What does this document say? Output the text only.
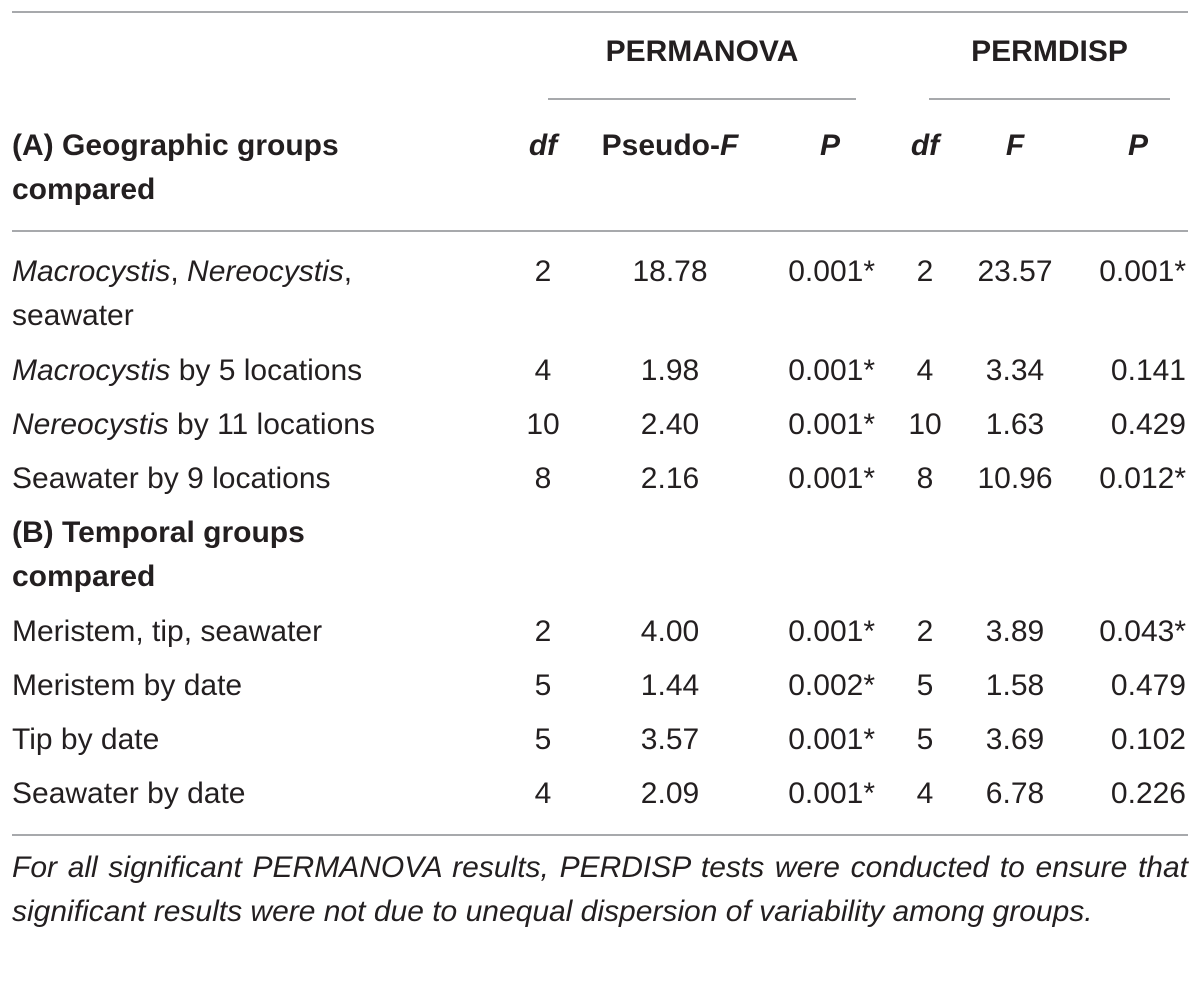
PERMANOVA	PERMDISP
(A) Geographic groups
compared
df	Pseudo-F	P	df	F	P
Macrocystis, Nereocystis,
seawater
2	18.78	0.001*	2	23.57	0.001*
Macrocystis by 5 locations	4	1.98	0.001*	4	3.34	0.141
Nereocystis by 11 locations	10	2.40	0.001*	10	1.63	0.429
Seawater by 9 locations	8	2.16	0.001*	8	10.96	0.012*
(B) Temporal groups
compared
Meristem, tip, seawater	2	4.00	0.001*	2	3.89	0.043*
Meristem by date	5	1.44	0.002*	5	1.58	0.479
Tip by date	5	3.57	0.001*	5	3.69	0.102
Seawater by date	4	2.09	0.001*	4	6.78	0.226
For all significant PERMANOVA results, PERDISP tests were conducted to ensure that significant results were not due to unequal dispersion of variability among groups.
